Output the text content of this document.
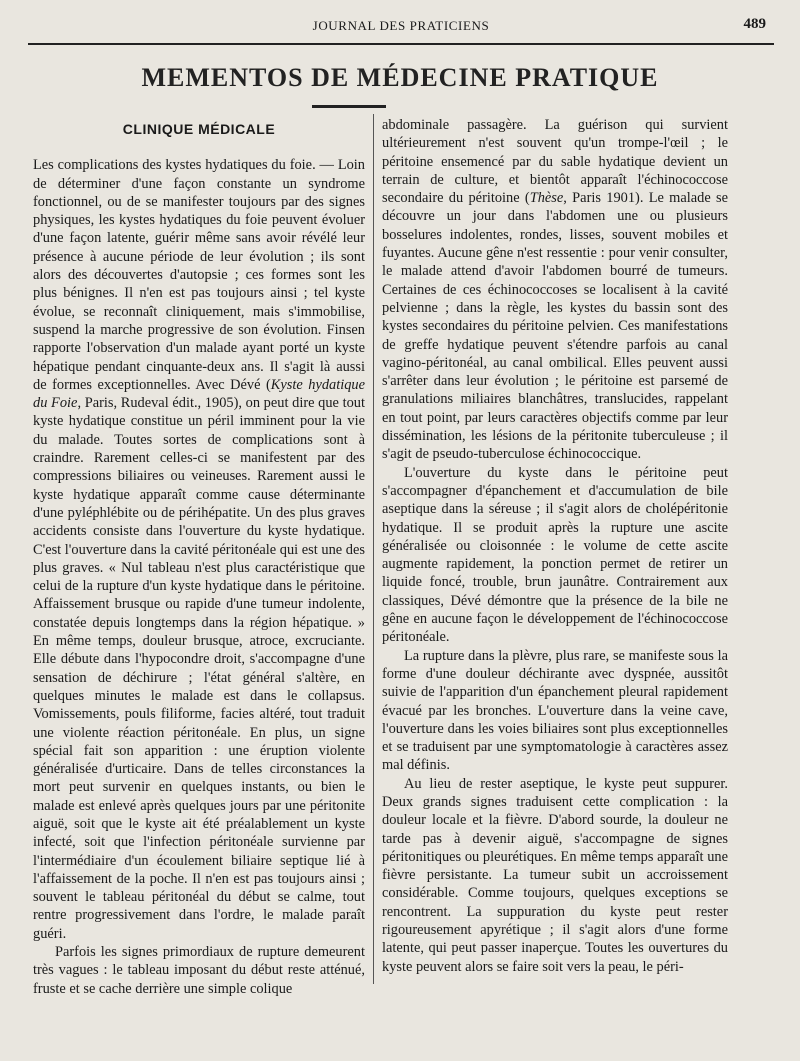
JOURNAL DES PRATICIENS	489
MEMENTOS DE MÉDECINE PRATIQUE
CLINIQUE MÉDICALE

Les complications des kystes hydatiques du foie. — Loin de déterminer d'une façon constante un syndrome fonctionnel, ou de se manifester toujours par des signes physiques, les kystes hydatiques du foie peuvent évoluer d'une façon latente, guérir même sans avoir révélé leur présence à aucune période de leur évolution ; ils sont alors des découvertes d'autopsie ; ces formes sont les plus bénignes. Il n'en est pas toujours ainsi ; tel kyste évolue, se reconnaît cliniquement, mais s'immobilise, suspend la marche progressive de son évolution. Finsen rapporte l'observation d'un malade ayant porté un kyste hépatique pendant cinquante-deux ans. Il s'agit là aussi de formes exceptionnelles. Avec Dévé (Kyste hydatique du Foie, Paris, Rudeval édit., 1905), on peut dire que tout kyste hydatique constitue un péril imminent pour la vie du malade. Toutes sortes de complications sont à craindre. Rarement celles-ci se manifestent par des compressions biliaires ou veineuses. Rarement aussi le kyste hydatique apparaît comme cause déterminante d'une pyléphlébite ou de périhépatite. Un des plus graves accidents consiste dans l'ouverture du kyste hydatique. C'est l'ouverture dans la cavité péritonéale qui est une des plus graves. « Nul tableau n'est plus caractéristique que celui de la rupture d'un kyste hydatique dans le péritoine. Affaissement brusque ou rapide d'une tumeur indolente, constatée depuis longtemps dans la région hépatique. » En même temps, douleur brusque, atroce, excruciante. Elle débute dans l'hypocondre droit, s'accompagne d'une sensation de déchirure ; l'état général s'altère, en quelques minutes le malade est dans le collapsus. Vomissements, pouls filiforme, facies altéré, tout traduit une violente réaction péritonéale. En plus, un signe spécial fait son apparition : une éruption violente généralisée d'urticaire. Dans de telles circonstances la mort peut survenir en quelques instants, ou bien le malade est enlevé après quelques jours par une péritonite aiguë, soit que le kyste ait été préalablement un kyste infecté, soit que l'infection péritonéale survienne par l'intermédiaire d'un écoulement biliaire septique lié à l'affaissement de la poche. Il n'en est pas toujours ainsi ; souvent le tableau péritonéal du début se calme, tout rentre progressivement dans l'ordre, le malade paraît guéri.

Parfois les signes primordiaux de rupture demeurent très vagues : le tableau imposant du début reste atténué, fruste et se cache derrière une simple colique

abdominale passagère. La guérison qui survient ultérieurement n'est souvent qu'un trompe-l'œil ; le péritoine ensemencé par du sable hydatique devient un terrain de culture, et bientôt apparaît l'échinococcose secondaire du péritoine (Thèse, Paris 1901). Le malade se découvre un jour dans l'abdomen une ou plusieurs bosselures indolentes, rondes, lisses, souvent mobiles et fuyantes. Aucune gêne n'est ressentie : pour venir consulter, le malade attend d'avoir l'abdomen bourré de tumeurs. Certaines de ces échinococcoses se localisent à la cavité pelvienne ; dans la règle, les kystes du bassin sont des kystes secondaires du péritoine pelvien. Ces manifestations de greffe hydatique peuvent s'étendre parfois au canal vagino-péritonéal, au canal ombilical. Elles peuvent aussi s'arrêter dans leur évolution ; le péritoine est parsemé de granulations miliaires blanchâtres, translucides, rappelant en tout point, par leurs caractères objectifs comme par leur dissémination, les lésions de la péritonite tuberculeuse ; il s'agit de pseudo-tuberculose échinococcique.

L'ouverture du kyste dans le péritoine peut s'accompagner d'épanchement et d'accumulation de bile aseptique dans la séreuse ; il s'agit alors de cholépéritonie hydatique. Il se produit après la rupture une ascite généralisée ou cloisonnée : le volume de cette ascite augmente rapidement, la ponction permet de retirer un liquide foncé, trouble, brun jaunâtre. Contrairement aux classiques, Dévé démontre que la présence de la bile ne gêne en aucune façon le développement de l'échinococcose péritonéale.

La rupture dans la plèvre, plus rare, se manifeste sous la forme d'une douleur déchirante avec dyspnée, aussitôt suivie de l'apparition d'un épanchement pleural rapidement évacué par les bronches. L'ouverture dans la veine cave, l'ouverture dans les voies biliaires sont plus exceptionnelles et se traduisent par une symptomatologie à caractères assez mal définis.

Au lieu de rester aseptique, le kyste peut suppurer. Deux grands signes traduisent cette complication : la douleur locale et la fièvre. D'abord sourde, la douleur ne tarde pas à devenir aiguë, s'accompagne de signes péritonitiques ou pleurétiques. En même temps apparaît une fièvre persistante. La tumeur subit un accroissement considérable. Comme toujours, quelques exceptions se rencontrent. La suppuration du kyste peut rester rigoureusement apyrétique ; il s'agit alors d'une forme latente, qui peut passer inaperçue. Toutes les ouvertures du kyste peuvent alors se faire soit vers la peau, le péri-
